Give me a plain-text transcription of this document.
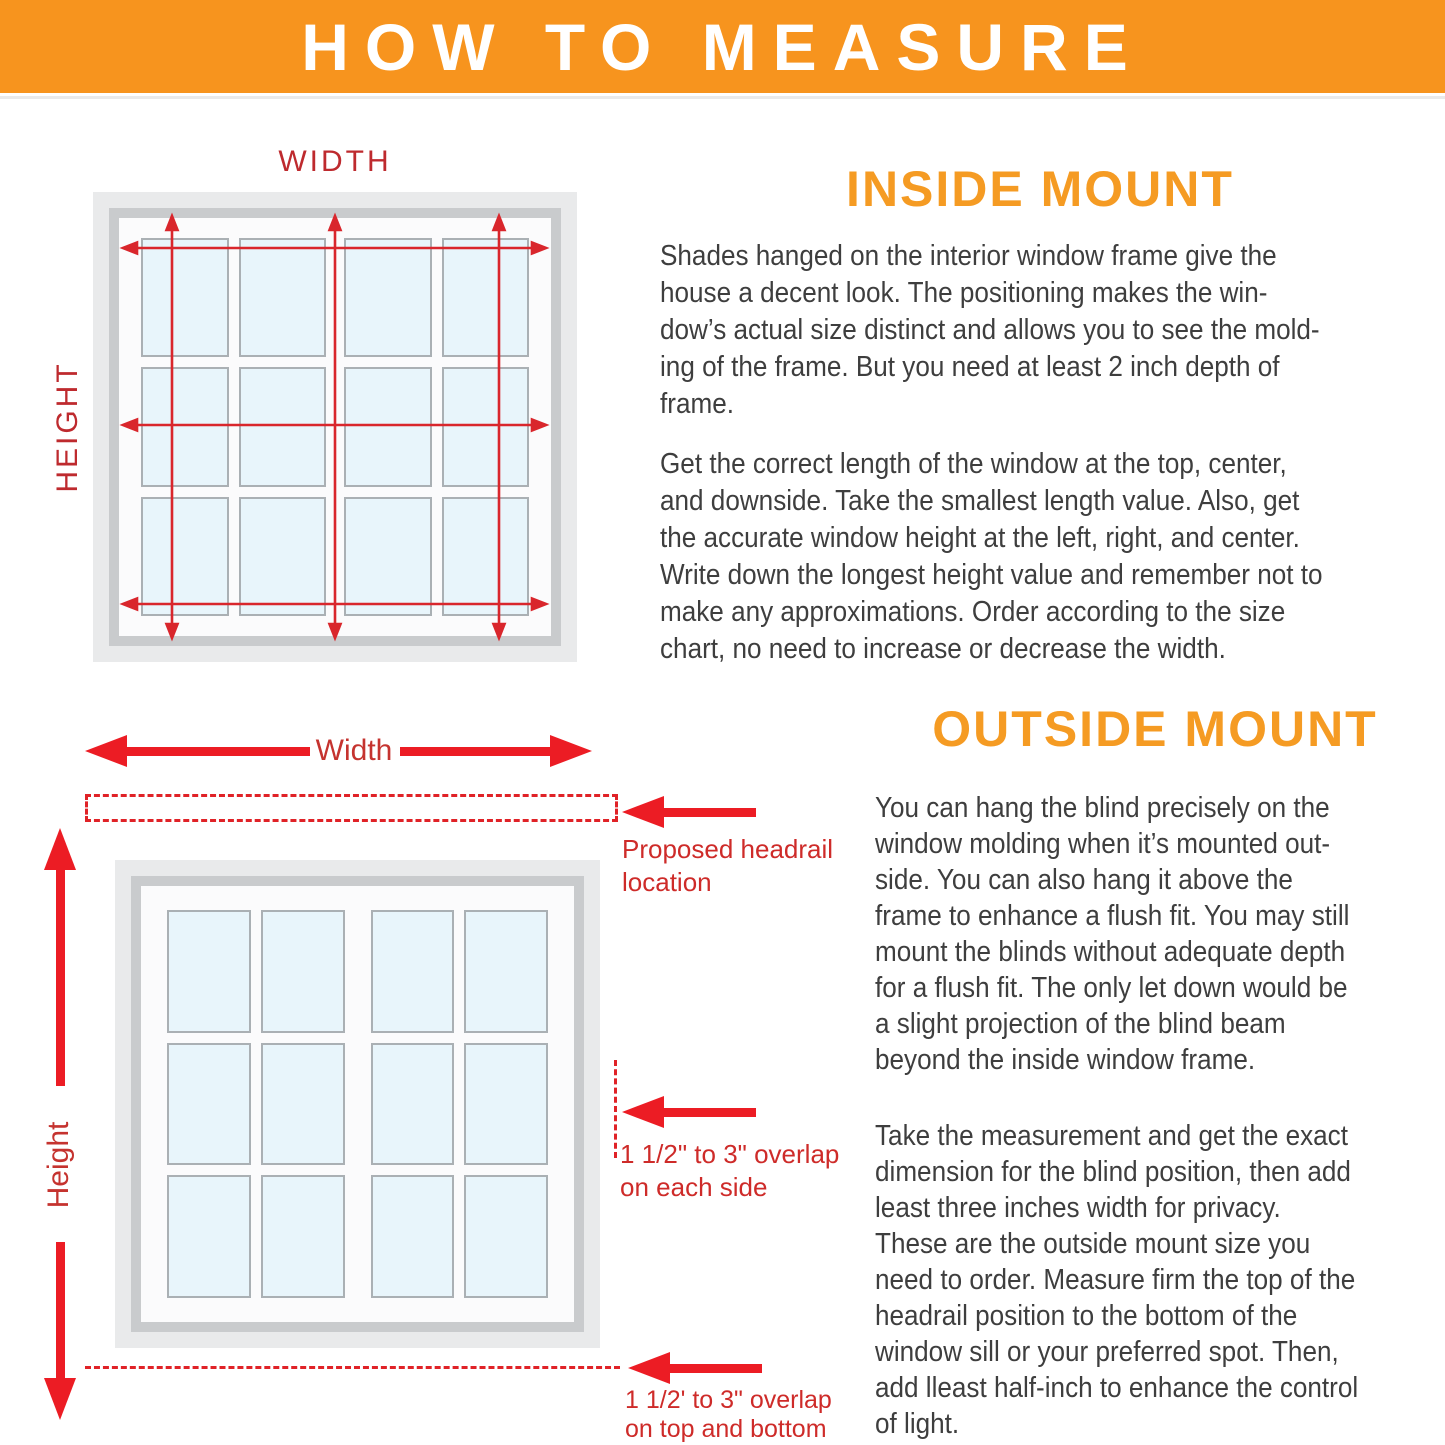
HOW TO MEASURE
WIDTH
HEIGHT
INSIDE MOUNT
Shades hanged on the interior window frame give the
house a decent look. The positioning makes the win-
dow’s actual size distinct and allows you to see the mold-
ing of the frame. But you need at least 2 inch depth of
frame.
Get the correct length of the window at the top, center,
and downside. Take the smallest length value. Also, get
the accurate window height at the left, right, and center.
Write down the longest height value and remember not to
make any approximations. Order according to the size
chart, no need to increase or decrease the width.
OUTSIDE MOUNT
You can hang the blind precisely on the
window molding when it’s mounted out-
side. You can also hang it above the
frame to enhance a flush fit. You may still
mount the blinds without adequate depth
for a flush fit. The only let down would be
a slight projection of the blind beam
beyond the inside window frame.
Take the measurement and get the exact
dimension for the blind position, then add
least three inches width for privacy.
These are the outside mount size you
need to order. Measure firm the top of the
headrail position to the bottom of the
window sill or your preferred spot. Then,
add lleast half-inch to enhance the control
of light.
Width
Proposed headrail
location
Height	1 1/2" to 3" overlap
on each side
1 1/2' to 3" overlap
on top and bottom
